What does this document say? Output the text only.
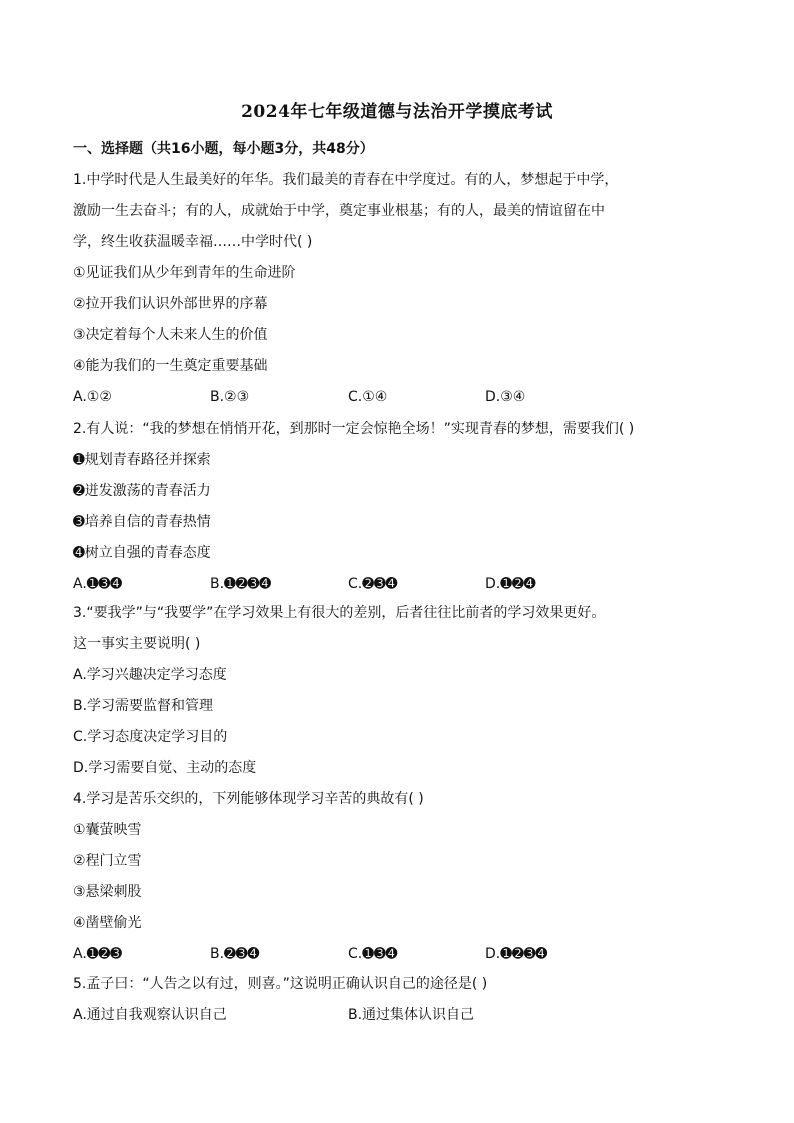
2024年七年级道德与法治开学摸底考试
一、选择题（共16小题，每小题3分，共48分）
1.中学时代是人生最美好的年华。我们最美的青春在中学度过。有的人，梦想起于中学，
激励一生去奋斗；有的人，成就始于中学，奠定事业根基；有的人，最美的情谊留在中
学，终生收获温暖幸福……中学时代( )
①见证我们从少年到青年的生命进阶
②拉开我们认识外部世界的序幕
③决定着每个人未来人生的价值
④能为我们的一生奠定重要基础
A.①②	B.②③	C.①④	D.③④
2.有人说：“我的梦想在悄悄开花，到那时一定会惊艳全场！”实现青春的梦想，需要我们( )
➊规划青春路径并探索
➋迸发激荡的青春活力
➌培养自信的青春热情
➍树立自强的青春态度
A.➊➌➍	B.➊➋➌➍	C.➋➌➍	D.➊➋➍
3.“要我学”与“我要学”在学习效果上有很大的差别，后者往往比前者的学习效果更好。
这一事实主要说明( )
A.学习兴趣决定学习态度
B.学习需要监督和管理
C.学习态度决定学习目的
D.学习需要自觉、主动的态度
4.学习是苦乐交织的，下列能够体现学习辛苦的典故有( )
①囊萤映雪
②程门立雪
③悬梁刺股
④凿壁偷光
A.➊➋➌	B.➋➌➍	C.➊➌➍	D.➊➋➌➍
5.孟子曰：“人告之以有过，则喜。”这说明正确认识自己的途径是( )
A.通过自我观察认识自己	B.通过集体认识自己
